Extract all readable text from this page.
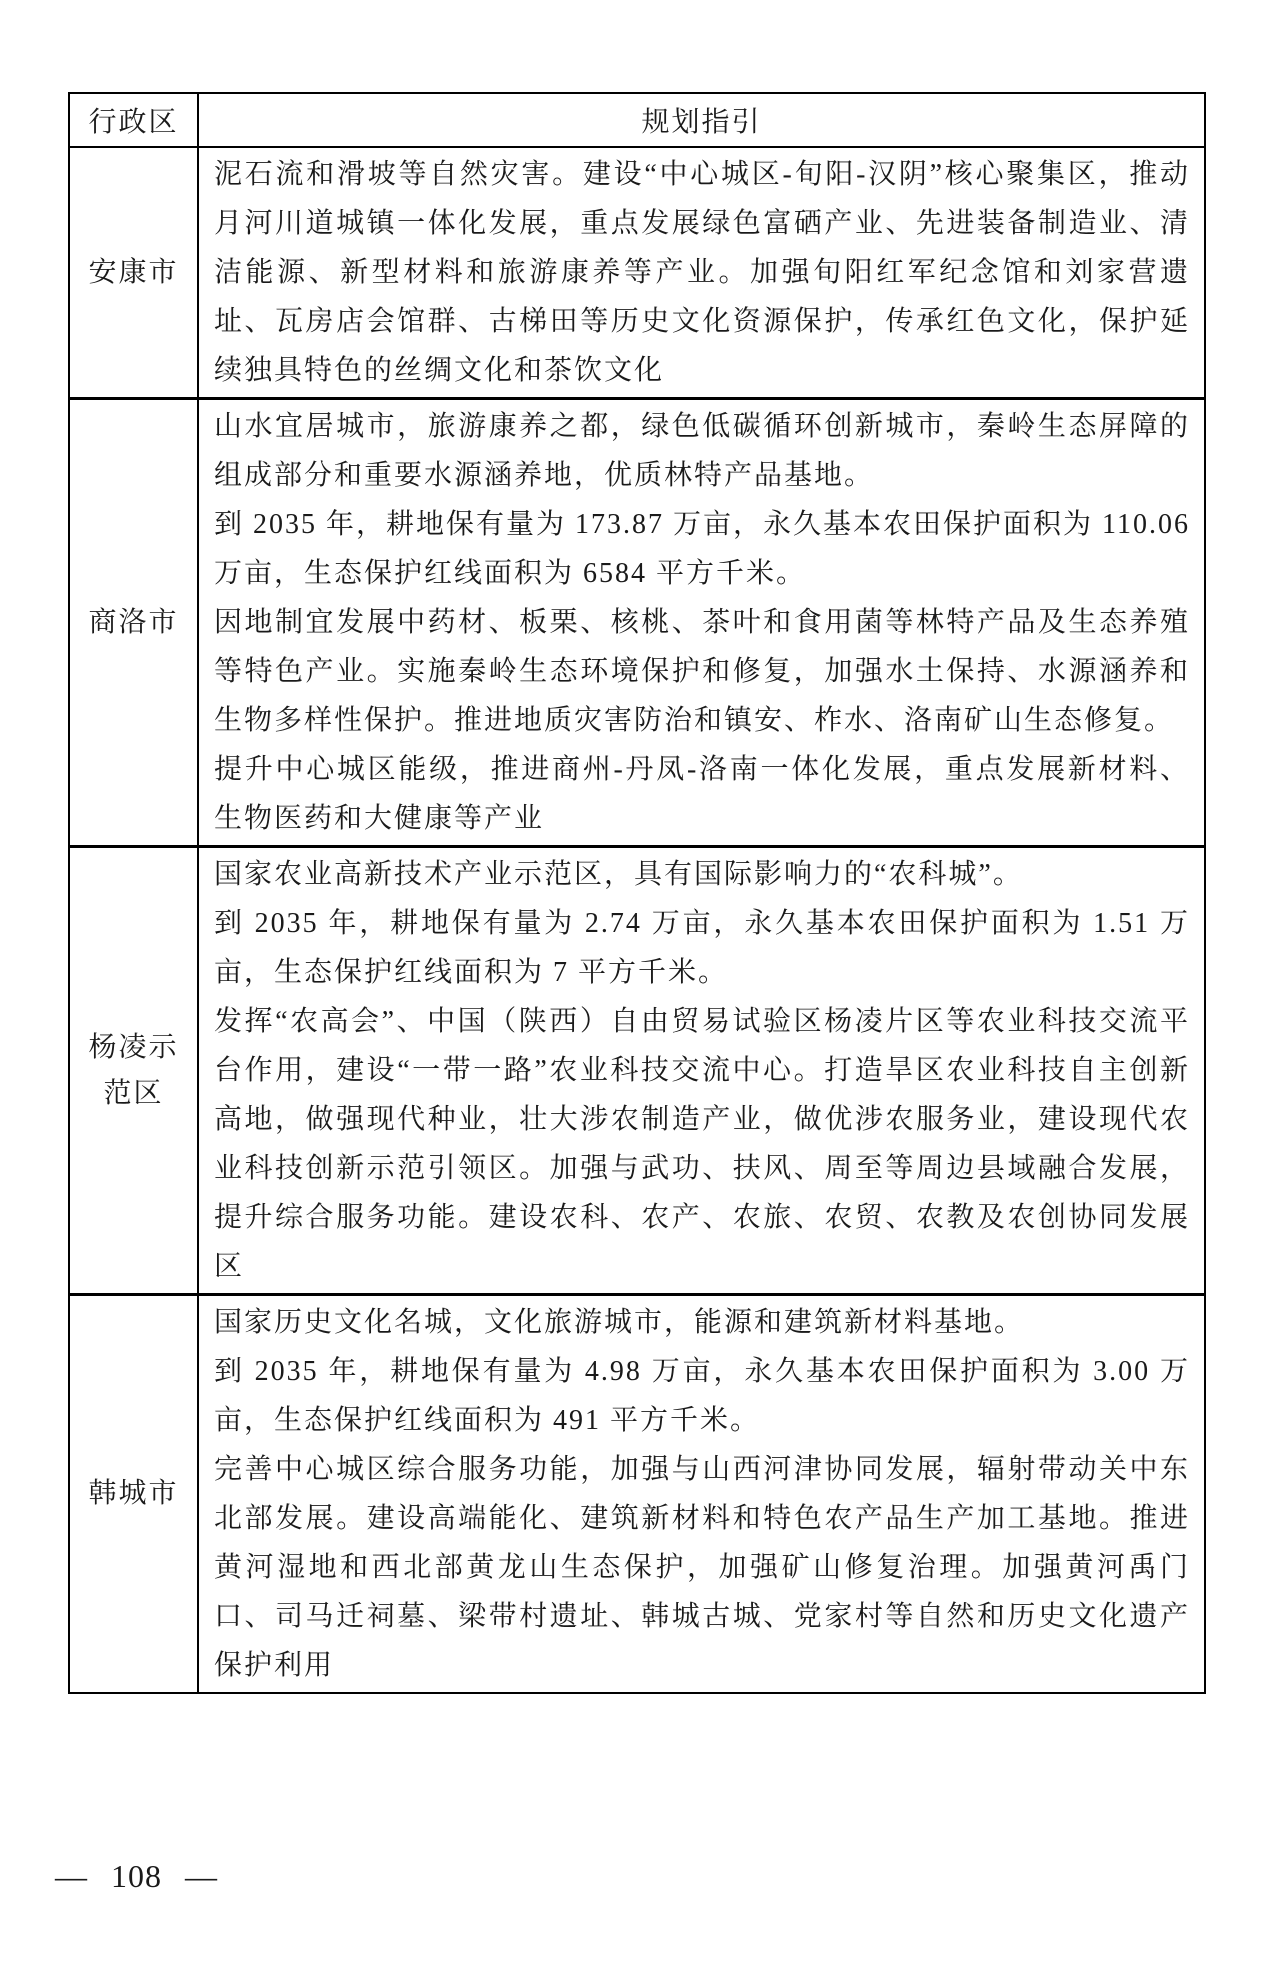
行政区	规划指引
安康市	泥石流和滑坡等自然灾害。建设“中心城区-旬阳-汉阴”核心聚集区，推动月河川道城镇一体化发展，重点发展绿色富硒产业、先进装备制造业、清洁能源、新型材料和旅游康养等产业。加强旬阳红军纪念馆和刘家营遗址、瓦房店会馆群、古梯田等历史文化资源保护，传承红色文化，保护延续独具特色的丝绸文化和茶饮文化

商洛市	山水宜居城市，旅游康养之都，绿色低碳循环创新城市，秦岭生态屏障的组成部分和重要水源涵养地，优质林特产品基地。

到 2035 年，耕地保有量为 173.87 万亩，永久基本农田保护面积为 110.06 万亩，生态保护红线面积为 6584 平方千米。

因地制宜发展中药材、板栗、核桃、茶叶和食用菌等林特产品及生态养殖等特色产业。实施秦岭生态环境保护和修复，加强水土保持、水源涵养和生物多样性保护。推进地质灾害防治和镇安、柞水、洛南矿山生态修复。

提升中心城区能级，推进商州-丹凤-洛南一体化发展，重点发展新材料、生物医药和大健康等产业

杨凌示范区	国家农业高新技术产业示范区，具有国际影响力的“农科城”。

到 2035 年，耕地保有量为 2.74 万亩，永久基本农田保护面积为 1.51 万亩，生态保护红线面积为 7 平方千米。

发挥“农高会”、中国（陕西）自由贸易试验区杨凌片区等农业科技交流平台作用，建设“一带一路”农业科技交流中心。打造旱区农业科技自主创新高地，做强现代种业，壮大涉农制造产业，做优涉农服务业，建设现代农业科技创新示范引领区。加强与武功、扶风、周至等周边县域融合发展，提升综合服务功能。建设农科、农产、农旅、农贸、农教及农创协同发展区

韩城市	国家历史文化名城，文化旅游城市，能源和建筑新材料基地。

到 2035 年，耕地保有量为 4.98 万亩，永久基本农田保护面积为 3.00 万亩，生态保护红线面积为 491 平方千米。

完善中心城区综合服务功能，加强与山西河津协同发展，辐射带动关中东北部发展。建设高端能化、建筑新材料和特色农产品生产加工基地。推进黄河湿地和西北部黄龙山生态保护，加强矿山修复治理。加强黄河禹门口、司马迁祠墓、梁带村遗址、韩城古城、党家村等自然和历史文化遗产保护利用

— 108 —
